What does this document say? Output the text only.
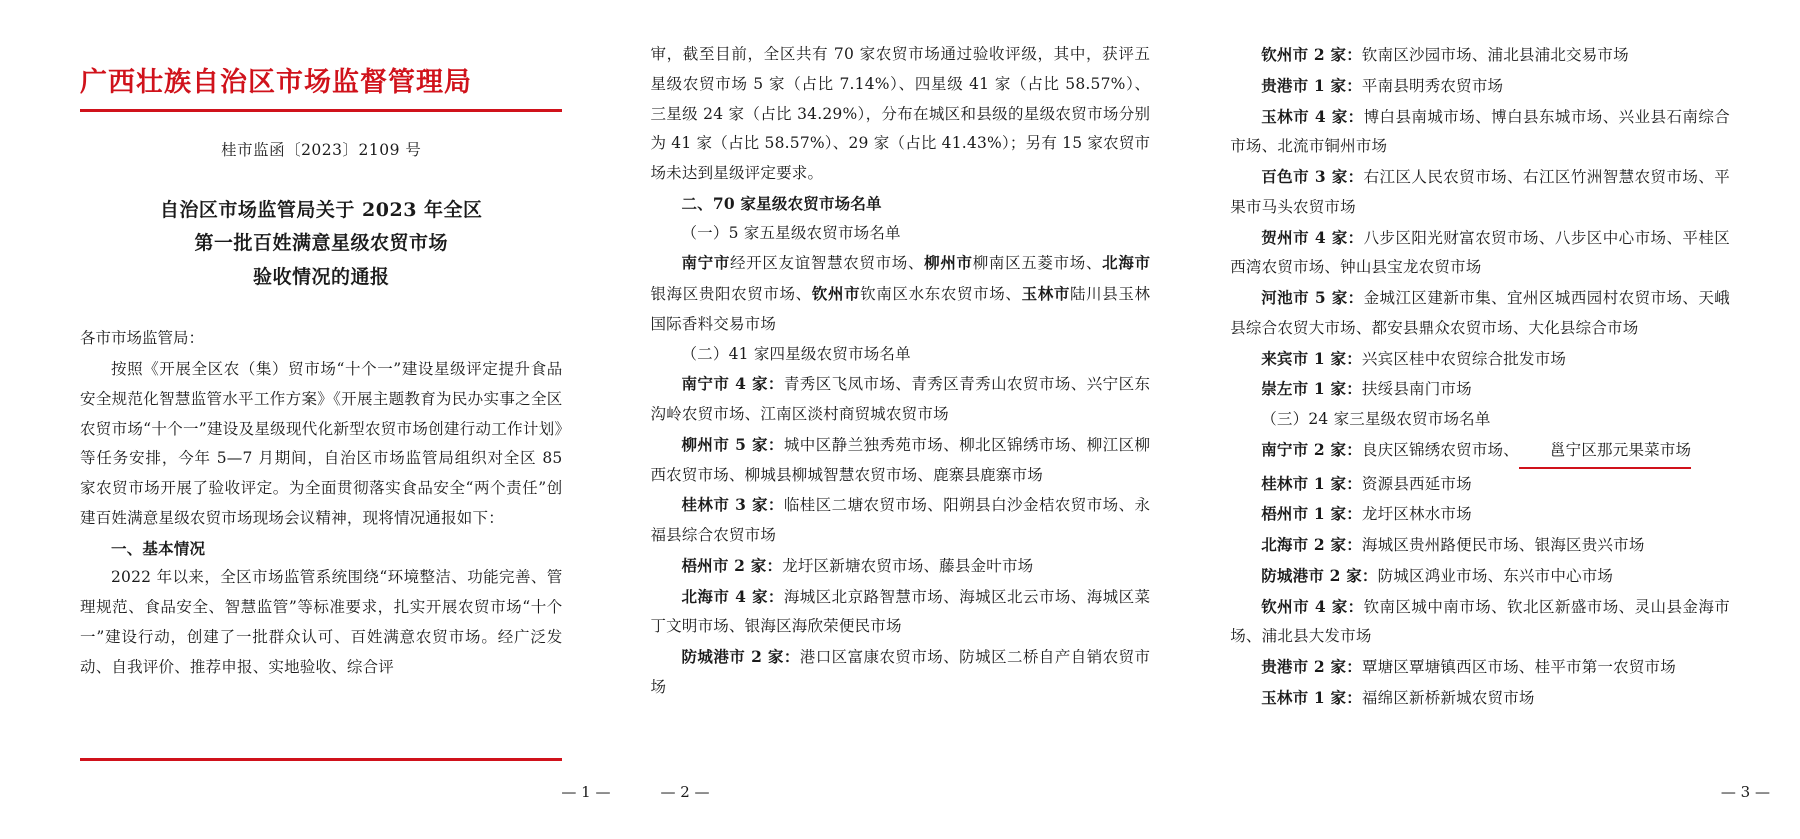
广西壮族自治区市场监督管理局
桂市监函〔2023〕2109 号
自治区市场监管局关于 2023 年全区
第一批百姓满意星级农贸市场
验收情况的通报
各市市场监管局：

按照《开展全区农（集）贸市场“十个一”建设星级评定提升食品安全规范化智慧监管水平工作方案》《开展主题教育为民办实事之全区农贸市场“十个一”建设及星级现代化新型农贸市场创建行动工作计划》等任务安排，今年 5—7 月期间，自治区市场监管局组织对全区 85 家农贸市场开展了验收评定。为全面贯彻落实食品安全“两个责任”创建百姓满意星级农贸市场现场会议精神，现将情况通报如下：

一、基本情况

2022 年以来，全区市场监管系统围绕“环境整洁、功能完善、管理规范、食品安全、智慧监管”等标准要求，扎实开展农贸市场“十个一”建设行动，创建了一批群众认可、百姓满意农贸市场。经广泛发动、自我评价、推荐申报、实地验收、综合评

— 1 —

审，截至目前，全区共有 70 家农贸市场通过验收评级，其中，获评五星级农贸市场 5 家（占比 7.14%）、四星级 41 家（占比 58.57%）、三星级 24 家（占比 34.29%），分布在城区和县级的星级农贸市场分别为 41 家（占比 58.57%）、29 家（占比 41.43%）；另有 15 家农贸市场未达到星级评定要求。

二、70 家星级农贸市场名单

（一）5 家五星级农贸市场名单

南宁市经开区友谊智慧农贸市场、柳州市柳南区五菱市场、北海市银海区贵阳农贸市场、钦州市钦南区水东农贸市场、玉林市陆川县玉林国际香料交易市场

（二）41 家四星级农贸市场名单

南宁市 4 家：青秀区飞凤市场、青秀区青秀山农贸市场、兴宁区东沟岭农贸市场、江南区淡村商贸城农贸市场

柳州市 5 家：城中区静兰独秀苑市场、柳北区锦绣市场、柳江区柳西农贸市场、柳城县柳城智慧农贸市场、鹿寨县鹿寨市场

桂林市 3 家：临桂区二塘农贸市场、阳朔县白沙金桔农贸市场、永福县综合农贸市场

梧州市 2 家：龙圩区新塘农贸市场、藤县金叶市场

北海市 4 家：海城区北京路智慧市场、海城区北云市场、海城区菜丁文明市场、银海区海欣荣便民市场

防城港市 2 家：港口区富康农贸市场、防城区二桥自产自销农贸市场

— 2 —

钦州市 2 家：钦南区沙园市场、浦北县浦北交易市场

贵港市 1 家：平南县明秀农贸市场

玉林市 4 家：博白县南城市场、博白县东城市场、兴业县石南综合市场、北流市铜州市场

百色市 3 家：右江区人民农贸市场、右江区竹洲智慧农贸市场、平果市马头农贸市场

贺州市 4 家：八步区阳光财富农贸市场、八步区中心市场、平桂区西湾农贸市场、钟山县宝龙农贸市场

河池市 5 家：金城江区建新市集、宜州区城西园村农贸市场、天峨县综合农贸大市场、都安县鼎众农贸市场、大化县综合市场

来宾市 1 家：兴宾区桂中农贸综合批发市场

崇左市 1 家：扶绥县南门市场

（三）24 家三星级农贸市场名单

南宁市 2 家：良庆区锦绣农贸市场、 邕宁区那元果菜市场

桂林市 1 家：资源县西延市场

梧州市 1 家：龙圩区林水市场

北海市 2 家：海城区贵州路便民市场、银海区贵兴市场

防城港市 2 家：防城区鸿业市场、东兴市中心市场

钦州市 4 家：钦南区城中南市场、钦北区新盛市场、灵山县金海市场、浦北县大发市场

贵港市 2 家：覃塘区覃塘镇西区市场、桂平市第一农贸市场

玉林市 1 家：福绵区新桥新城农贸市场

— 3 —
